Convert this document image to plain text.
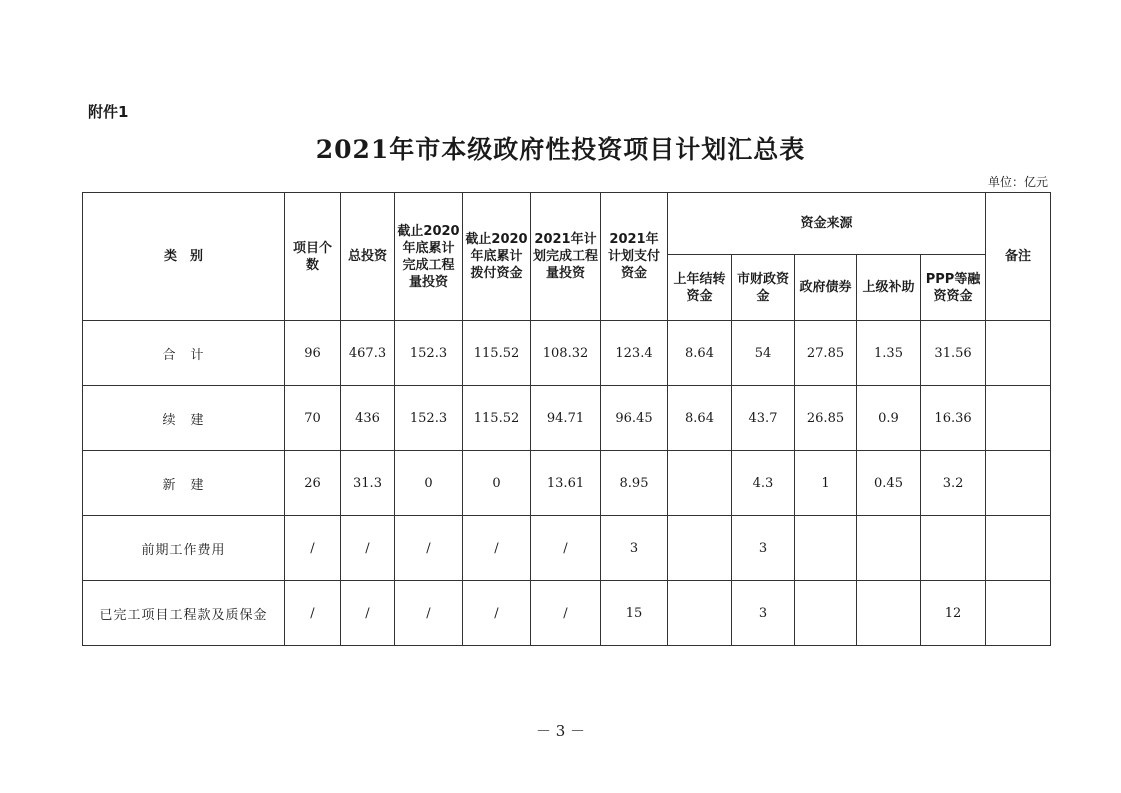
附件1
2021年市本级政府性投资项目计划汇总表
单位：亿元
类　别	项目个数	总投资	截止2020年底累计完成工程量投资	截止2020年底累计拨付资金	2021年计划完成工程量投资	2021年计划支付资金	资金来源					备注
							上年结转资金	市财政资金	政府债券	上级补助	PPP等融资资金	
合　计	96	467.3	152.3	115.52	108.32	123.4	8.64	54	27.85	1.35	31.56	
续　建	70	436	152.3	115.52	94.71	96.45	8.64	43.7	26.85	0.9	16.36	
新　建	26	31.3	0	0	13.61	8.95		4.3	1	0.45	3.2	
前期工作费用	/	/	/	/	/	3		3				
已完工项目工程款及质保金	/	/	/	/	/	15		3			12	
－ 3 －
